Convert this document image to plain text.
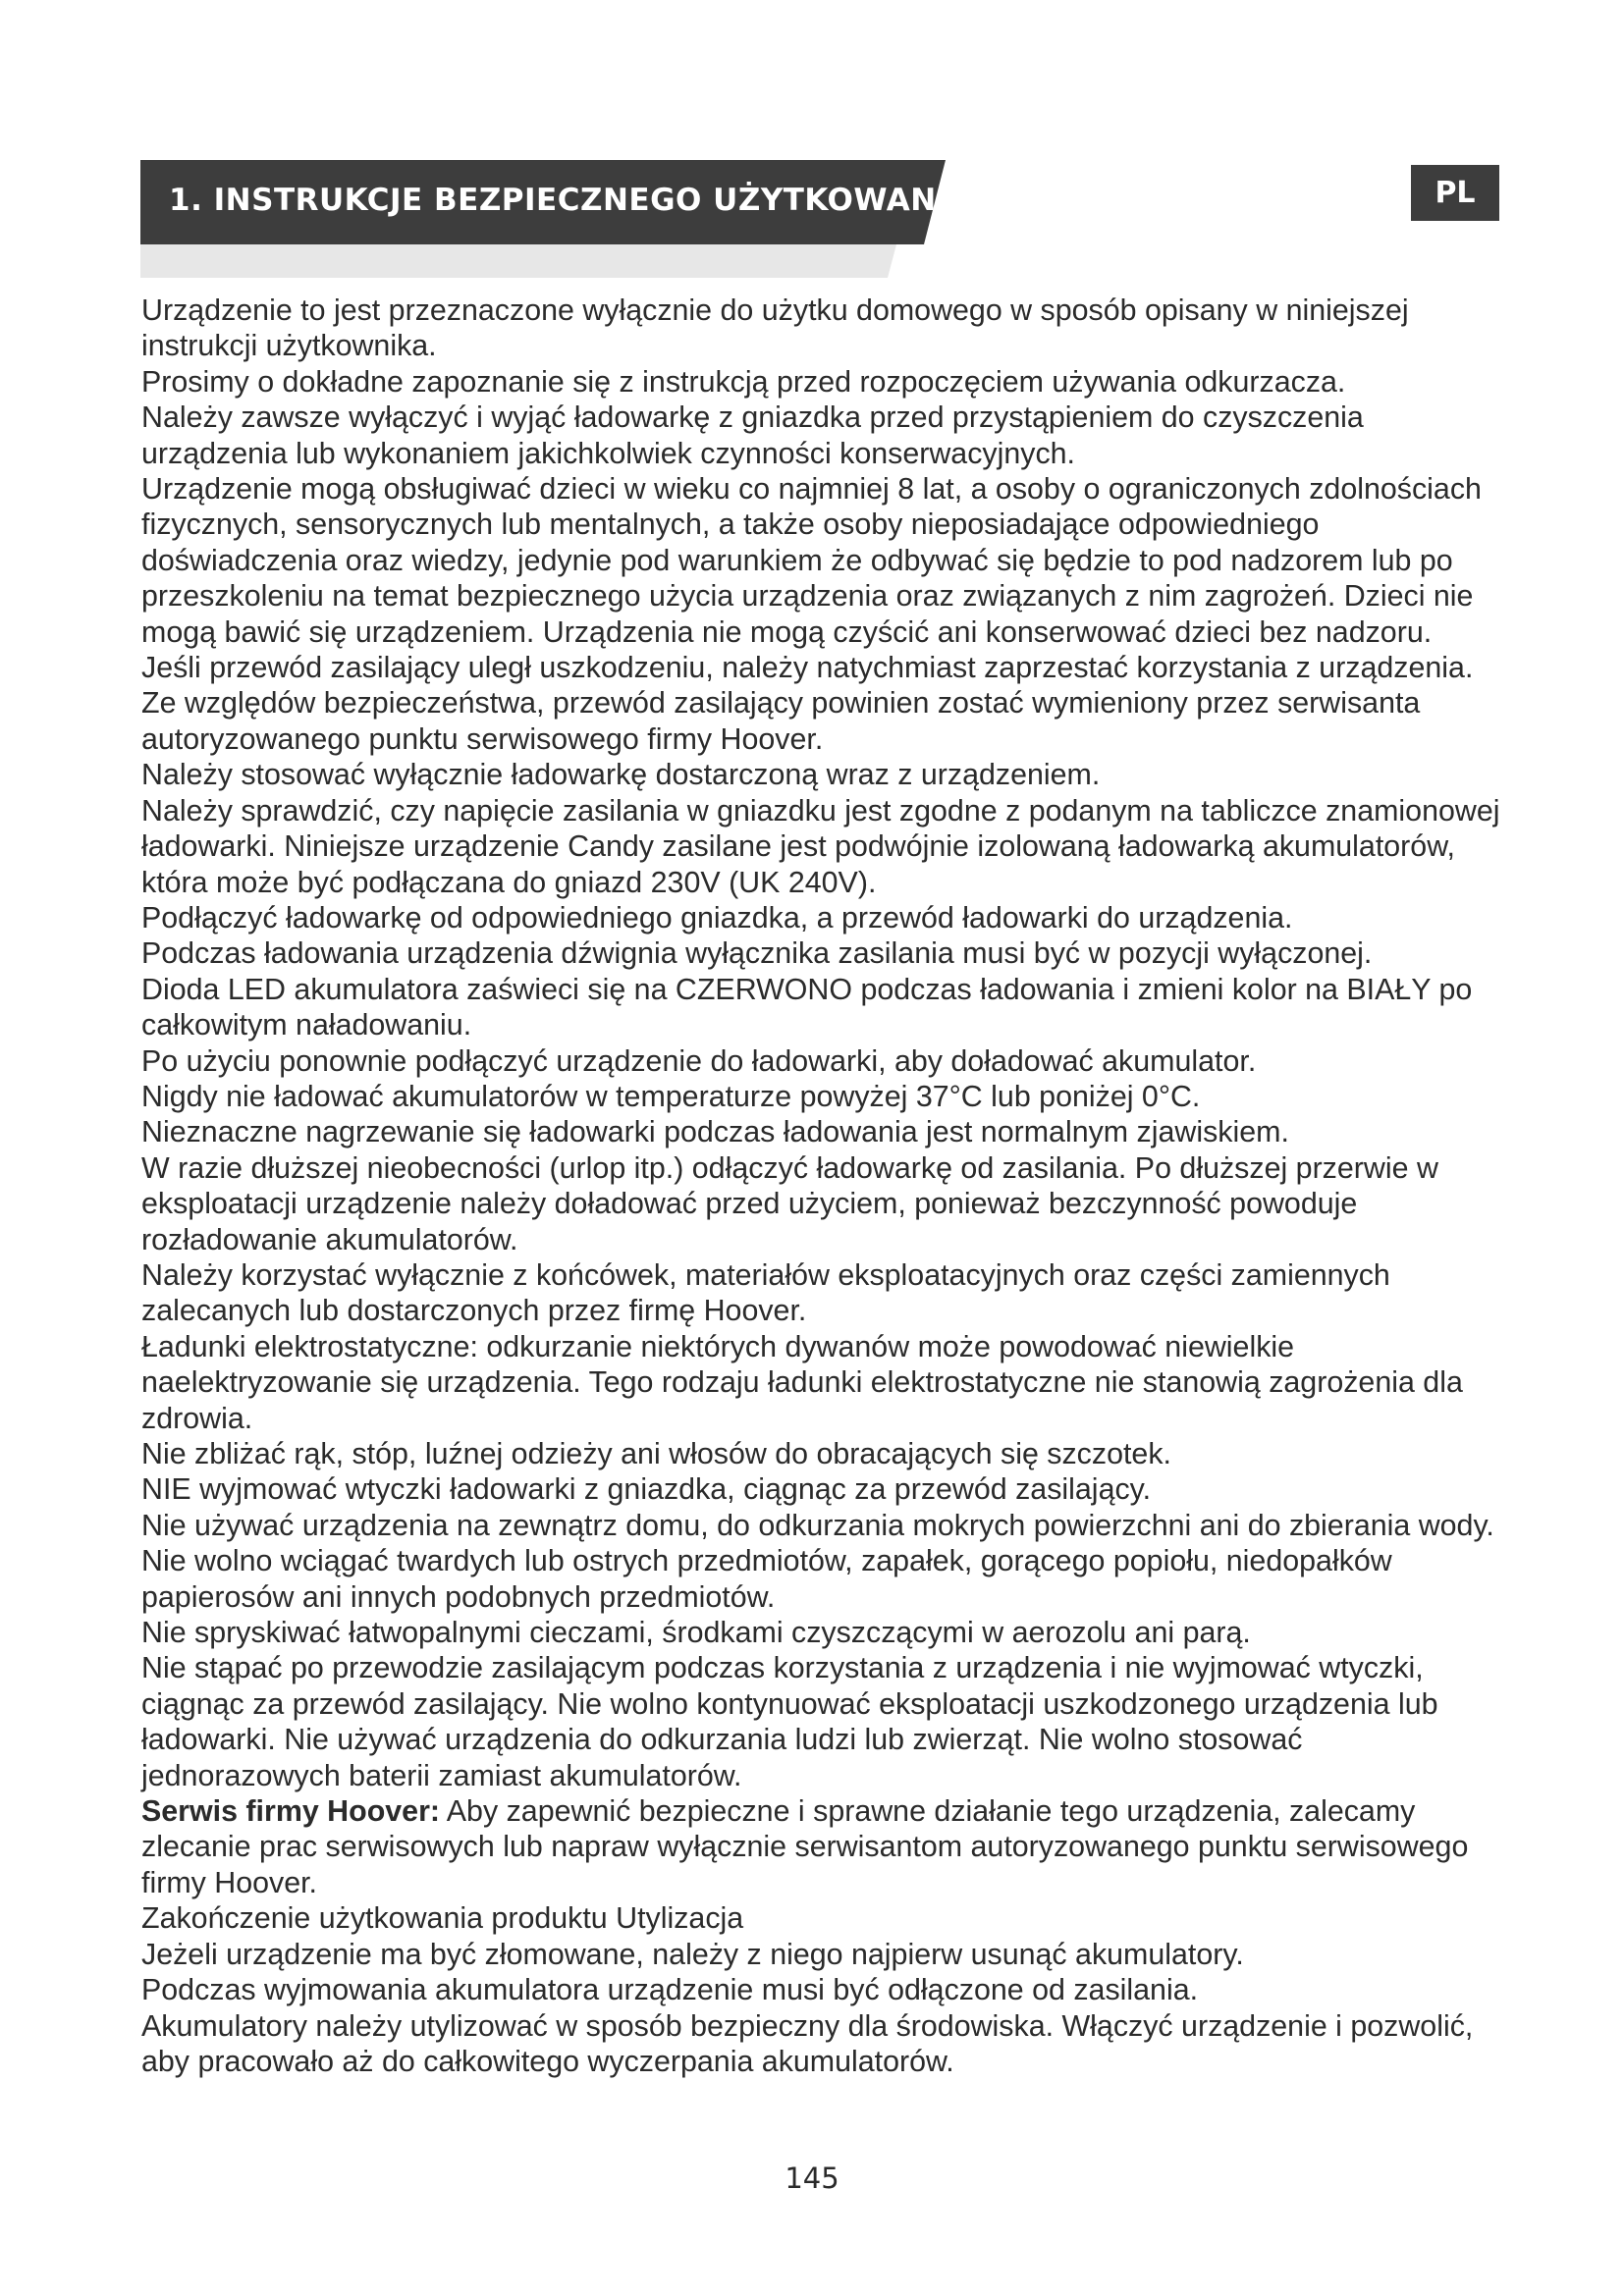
1. INSTRUKCJE BEZPIECZNEGO UŻYTKOWANIA	PL

Urządzenie to jest przeznaczone wyłącznie do użytku domowego w sposób opisany w niniejszej instrukcji użytkownika.

Prosimy o dokładne zapoznanie się z instrukcją przed rozpoczęciem używania odkurzacza.

Należy zawsze wyłączyć i wyjąć ładowarkę z gniazdka przed przystąpieniem do czyszczenia urządzenia lub wykonaniem jakichkolwiek czynności konserwacyjnych.

Urządzenie mogą obsługiwać dzieci w wieku co najmniej 8 lat, a osoby o ograniczonych zdolnościach fizycznych, sensorycznych lub mentalnych, a także osoby nieposiadające odpowiedniego doświadczenia oraz wiedzy, jedynie pod warunkiem że odbywać się będzie to pod nadzorem lub po przeszkoleniu na temat bezpiecznego użycia urządzenia oraz związanych z nim zagrożeń. Dzieci nie mogą bawić się urządzeniem. Urządzenia nie mogą czyścić ani konserwować dzieci bez nadzoru.

Jeśli przewód zasilający uległ uszkodzeniu, należy natychmiast zaprzestać korzystania z urządzenia. Ze względów bezpieczeństwa, przewód zasilający powinien zostać wymieniony przez serwisanta autoryzowanego punktu serwisowego firmy Hoover.

Należy stosować wyłącznie ładowarkę dostarczoną wraz z urządzeniem.

Należy sprawdzić, czy napięcie zasilania w gniazdku jest zgodne z podanym na tabliczce znamionowej ładowarki. Niniejsze urządzenie Candy zasilane jest podwójnie izolowaną ładowarką akumulatorów, która może być podłączana do gniazd 230V (UK 240V).

Podłączyć ładowarkę od odpowiedniego gniazdka, a przewód ładowarki do urządzenia.

Podczas ładowania urządzenia dźwignia wyłącznika zasilania musi być w pozycji wyłączonej.

Dioda LED akumulatora zaświeci się na CZERWONO podczas ładowania i zmieni kolor na BIAŁY po całkowitym naładowaniu.

Po użyciu ponownie podłączyć urządzenie do ładowarki, aby doładować akumulator.

Nigdy nie ładować akumulatorów w temperaturze powyżej 37°C lub poniżej 0°C.

Nieznaczne nagrzewanie się ładowarki podczas ładowania jest normalnym zjawiskiem.

W razie dłuższej nieobecności (urlop itp.) odłączyć ładowarkę od zasilania. Po dłuższej przerwie w eksploatacji urządzenie należy doładować przed użyciem, ponieważ bezczynność powoduje rozładowanie akumulatorów.

Należy korzystać wyłącznie z końcówek, materiałów eksploatacyjnych oraz części zamiennych zalecanych lub dostarczonych przez firmę Hoover.

Ładunki elektrostatyczne: odkurzanie niektórych dywanów może powodować niewielkie naelektryzowanie się urządzenia. Tego rodzaju ładunki elektrostatyczne nie stanowią zagrożenia dla zdrowia.

Nie zbliżać rąk, stóp, luźnej odzieży ani włosów do obracających się szczotek.

NIE wyjmować wtyczki ładowarki z gniazdka, ciągnąc za przewód zasilający.

Nie używać urządzenia na zewnątrz domu, do odkurzania mokrych powierzchni ani do zbierania wody. Nie wolno wciągać twardych lub ostrych przedmiotów, zapałek, gorącego popiołu, niedopałków papierosów ani innych podobnych przedmiotów.

Nie spryskiwać łatwopalnymi cieczami, środkami czyszczącymi w aerozolu ani parą.

Nie stąpać po przewodzie zasilającym podczas korzystania z urządzenia i nie wyjmować wtyczki, ciągnąc za przewód zasilający. Nie wolno kontynuować eksploatacji uszkodzonego urządzenia lub ładowarki. Nie używać urządzenia do odkurzania ludzi lub zwierząt. Nie wolno stosować jednorazowych baterii zamiast akumulatorów.

Serwis firmy Hoover: Aby zapewnić bezpieczne i sprawne działanie tego urządzenia, zalecamy zlecanie prac serwisowych lub napraw wyłącznie serwisantom autoryzowanego punktu serwisowego firmy Hoover.

Zakończenie użytkowania produktu Utylizacja

Jeżeli urządzenie ma być złomowane, należy z niego najpierw usunąć akumulatory.

Podczas wyjmowania akumulatora urządzenie musi być odłączone od zasilania.

Akumulatory należy utylizować w sposób bezpieczny dla środowiska. Włączyć urządzenie i pozwolić, aby pracowało aż do całkowitego wyczerpania akumulatorów.

145
